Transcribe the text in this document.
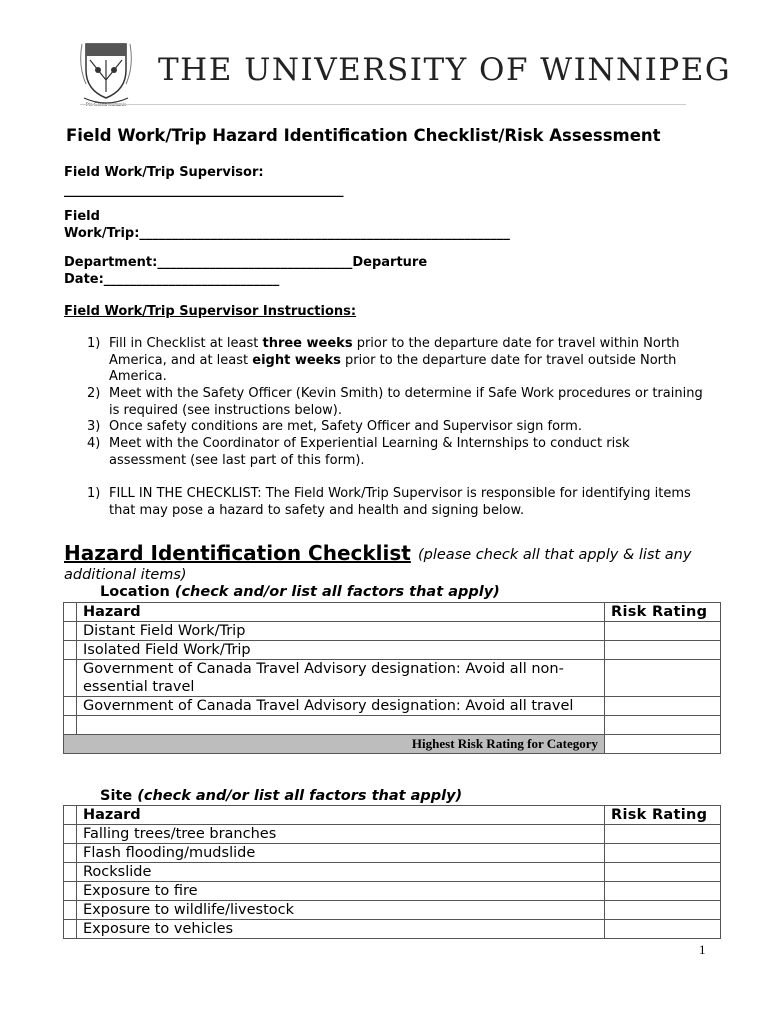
Pro Gloria Humanis
THE UNIVERSITY OF WINNIPEG
Field Work/Trip Hazard Identification Checklist/Risk Assessment
Field Work/Trip Supervisor:
___________________________________________
Field
Work/Trip:_________________________________________________________
Department:______________________________Departure
Date:___________________________
Field Work/Trip Supervisor Instructions:
1) Fill in Checklist at least three weeks prior to the departure date for travel within North America, and at least eight weeks prior to the departure date for travel outside North America.
2) Meet with the Safety Officer (Kevin Smith) to determine if Safe Work procedures or training is required (see instructions below).
3) Once safety conditions are met, Safety Officer and Supervisor sign form.
4) Meet with the Coordinator of Experiential Learning & Internships to conduct risk assessment (see last part of this form).
1) FILL IN THE CHECKLIST: The Field Work/Trip Supervisor is responsible for identifying items that may pose a hazard to safety and health and signing below.
Hazard Identification Checklist (please check all that apply & list any
additional items)
Location (check and/or list all factors that apply)
	Hazard	Risk Rating
	Distant Field Work/Trip	
	Isolated Field Work/Trip	
	Government of Canada Travel Advisory designation: Avoid all non-essential travel	
	Government of Canada Travel Advisory designation: Avoid all travel	

Highest Risk Rating for Category		
Site (check and/or list all factors that apply)
	Hazard	Risk Rating
	Falling trees/tree branches	
	Flash flooding/mudslide	
	Rockslide	
	Exposure to fire	
	Exposure to wildlife/livestock	
	Exposure to vehicles	
1
